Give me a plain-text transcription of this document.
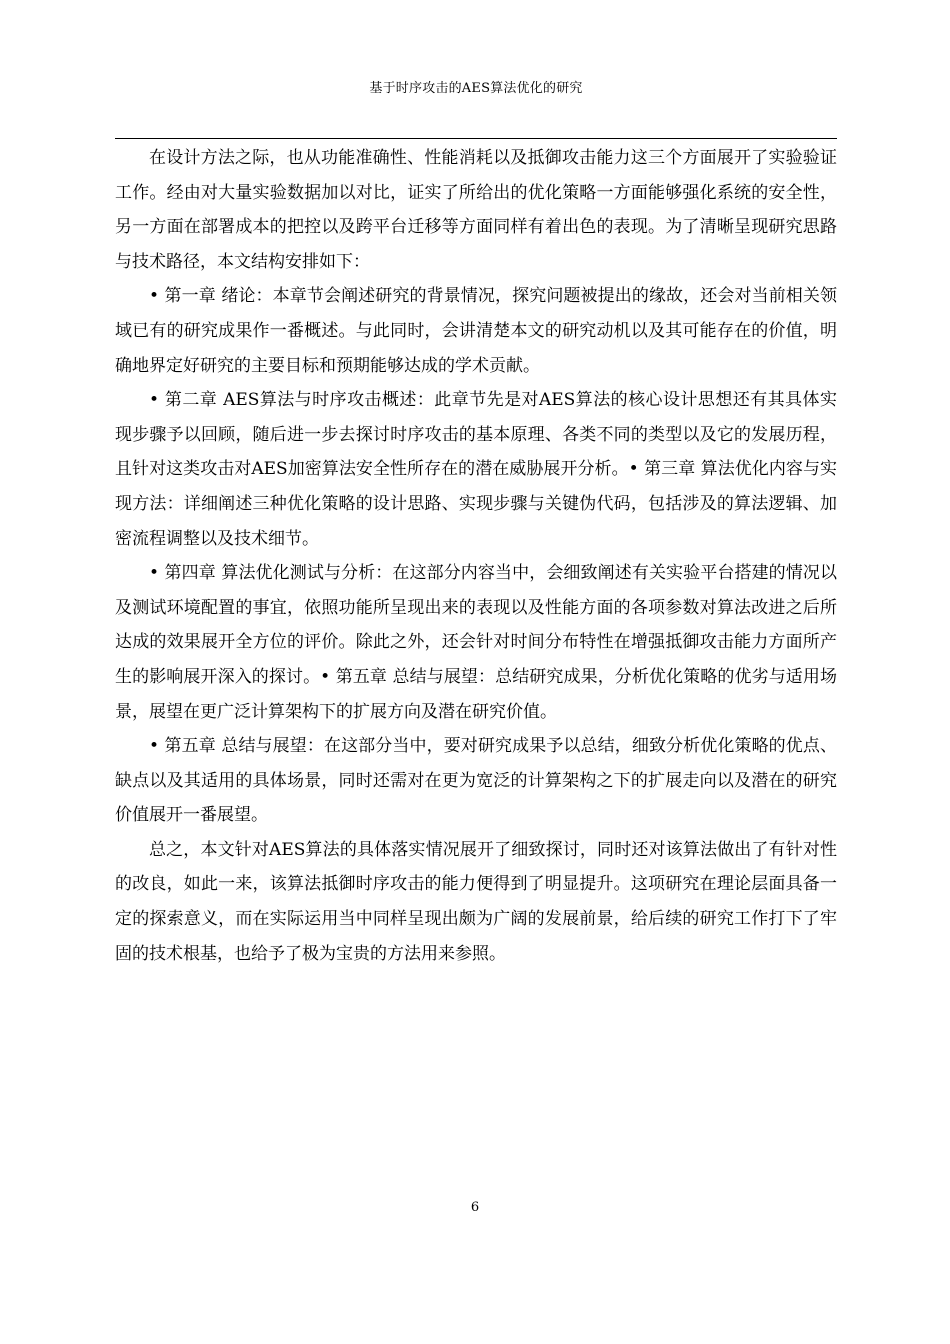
基于时序攻击的AES算法优化的研究

在设计方法之际，也从功能准确性、性能消耗以及抵御攻击能力这三个方面展开了实验验证工作。经由对大量实验数据加以对比，证实了所给出的优化策略一方面能够强化系统的安全性，另一方面在部署成本的把控以及跨平台迁移等方面同样有着出色的表现。为了清晰呈现研究思路与技术路径，本文结构安排如下：

• 第一章 绪论：本章节会阐述研究的背景情况，探究问题被提出的缘故，还会对当前相关领域已有的研究成果作一番概述。与此同时，会讲清楚本文的研究动机以及其可能存在的价值，明确地界定好研究的主要目标和预期能够达成的学术贡献。

• 第二章 AES算法与时序攻击概述：此章节先是对AES算法的核心设计思想还有其具体实现步骤予以回顾，随后进一步去探讨时序攻击的基本原理、各类不同的类型以及它的发展历程，且针对这类攻击对AES加密算法安全性所存在的潜在威胁展开分析。• 第三章 算法优化内容与实现方法：详细阐述三种优化策略的设计思路、实现步骤与关键伪代码，包括涉及的算法逻辑、加密流程调整以及技术细节。

• 第四章 算法优化测试与分析：在这部分内容当中，会细致阐述有关实验平台搭建的情况以及测试环境配置的事宜，依照功能所呈现出来的表现以及性能方面的各项参数对算法改进之后所达成的效果展开全方位的评价。除此之外，还会针对时间分布特性在增强抵御攻击能力方面所产生的影响展开深入的探讨。• 第五章 总结与展望：总结研究成果，分析优化策略的优劣与适用场景，展望在更广泛计算架构下的扩展方向及潜在研究价值。

• 第五章 总结与展望：在这部分当中，要对研究成果予以总结，细致分析优化策略的优点、缺点以及其适用的具体场景，同时还需对在更为宽泛的计算架构之下的扩展走向以及潜在的研究价值展开一番展望。

总之，本文针对AES算法的具体落实情况展开了细致探讨，同时还对该算法做出了有针对性的改良，如此一来，该算法抵御时序攻击的能力便得到了明显提升。这项研究在理论层面具备一定的探索意义，而在实际运用当中同样呈现出颇为广阔的发展前景，给后续的研究工作打下了牢固的技术根基，也给予了极为宝贵的方法用来参照。

6
